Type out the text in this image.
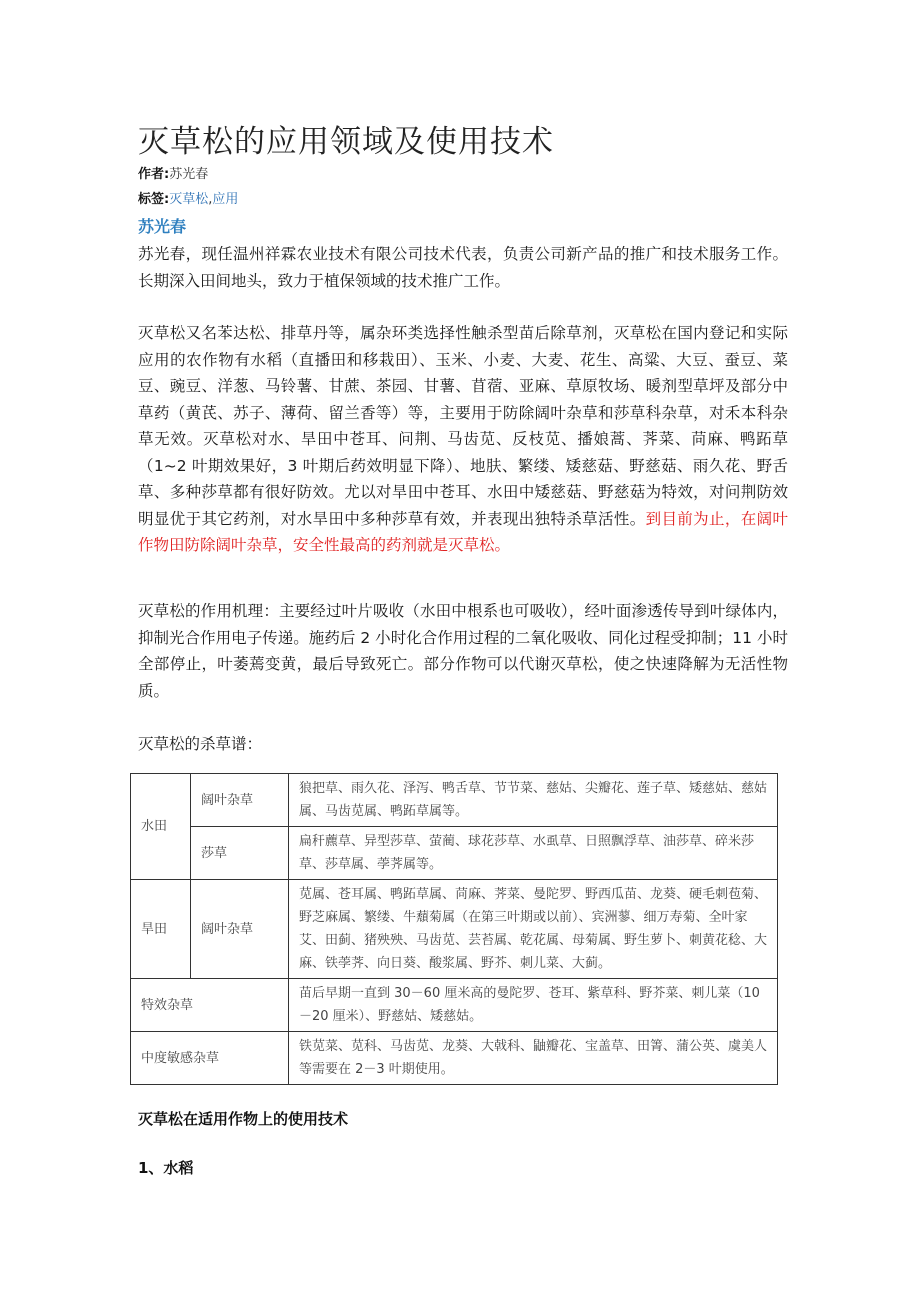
灭草松的应用领域及使用技术
作者:苏光春
标签:灭草松,应用
苏光春

苏光春，现任温州祥霖农业技术有限公司技术代表，负责公司新产品的推广和技术服务工作。长期深入田间地头，致力于植保领域的技术推广工作。

灭草松又名苯达松、排草丹等，属杂环类选择性触杀型苗后除草剂，灭草松在国内登记和实际应用的农作物有水稻（直播田和移栽田）、玉米、小麦、大麦、花生、高粱、大豆、蚕豆、菜豆、豌豆、洋葱、马铃薯、甘蔗、茶园、甘薯、苜蓿、亚麻、草原牧场、暖剂型草坪及部分中草药（黄芪、苏子、薄荷、留兰香等）等，主要用于防除阔叶杂草和莎草科杂草，对禾本科杂草无效。灭草松对水、旱田中苍耳、问荆、马齿苋、反枝苋、播娘蒿、荠菜、苘麻、鸭跖草（1~2 叶期效果好，3 叶期后药效明显下降）、地肤、繁缕、矮慈菇、野慈菇、雨久花、野舌草、多种莎草都有很好防效。尤以对旱田中苍耳、水田中矮慈菇、野慈菇为特效，对问荆防效明显优于其它药剂，对水旱田中多种莎草有效，并表现出独特杀草活性。到目前为止，在阔叶作物田防除阔叶杂草，安全性最高的药剂就是灭草松。

灭草松的作用机理：主要经过叶片吸收（水田中根系也可吸收），经叶面渗透传导到叶绿体内，抑制光合作用电子传递。施药后 2 小时化合作用过程的二氧化吸收、同化过程受抑制；11 小时全部停止，叶萎蔫变黄，最后导致死亡。部分作物可以代谢灭草松，使之快速降解为无活性物质。

灭草松的杀草谱：
水田	阔叶杂草	狼把草、雨久花、泽泻、鸭舌草、节节菜、慈姑、尖瓣花、莲子草、矮慈姑、慈姑属、马齿苋属、鸭跖草属等。
	莎草	扁秆藨草、异型莎草、萤蔺、球花莎草、水虱草、日照飘浮草、油莎草、碎米莎草、莎草属、荸荠属等。
旱田	阔叶杂草	苋属、苍耳属、鸭跖草属、苘麻、荠菜、曼陀罗、野西瓜苗、龙葵、硬毛刺苞菊、野芝麻属、繁缕、牛蘈菊属（在第三叶期或以前）、宾洲蓼、细万寿菊、全叶家艾、田蓟、猪殃殃、马齿苋、芸苔属、乾花属、母菊属、野生萝卜、刺黄花稔、大麻、铁荸荠、向日葵、酸浆属、野芥、刺儿菜、大蓟。
特效杂草		苗后早期一直到 30－60 厘米高的曼陀罗、苍耳、紫草科、野芥菜、刺儿菜（10－20 厘米）、野慈姑、矮慈姑。
中度敏感杂草		铁苋菜、苋科、马齿苋、龙葵、大戟科、鼬瓣花、宝盖草、田箐、蒲公英、虞美人等需要在 2－3 叶期使用。
灭草松在适用作物上的使用技术
1、水稻
